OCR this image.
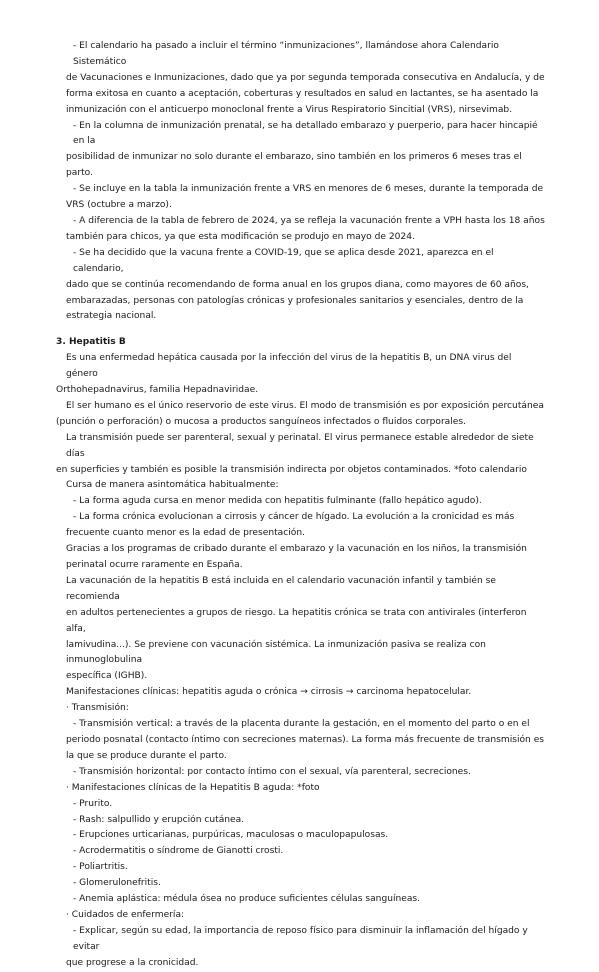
- El calendario ha pasado a incluir el término “inmunizaciones”, llamándose ahora Calendario Sistemático

de Vacunaciones e Inmunizaciones, dado que ya por segunda temporada consecutiva en Andalucía, y de

forma exitosa en cuanto a aceptación, coberturas y resultados en salud en lactantes, se ha asentado la

inmunización con el anticuerpo monoclonal frente a Virus Respiratorio Sincitial (VRS), nirsevimab.

- En la columna de inmunización prenatal, se ha detallado embarazo y puerperio, para hacer hincapié en la

posibilidad de inmunizar no solo durante el embarazo, sino también en los primeros 6 meses tras el parto.

- Se incluye en la tabla la inmunización frente a VRS en menores de 6 meses, durante la temporada de

VRS (octubre a marzo).

- A diferencia de la tabla de febrero de 2024, ya se refleja la vacunación frente a VPH hasta los 18 años

también para chicos, ya que esta modificación se produjo en mayo de 2024.

- Se ha decidido que la vacuna frente a COVID-19, que se aplica desde 2021, aparezca en el calendario,

dado que se continúa recomendando de forma anual en los grupos diana, como mayores de 60 años,

embarazadas, personas con patologías crónicas y profesionales sanitarios y esenciales, dentro de la

estrategia nacional.

3. Hepatitis B

Es una enfermedad hepática causada por la infección del virus de la hepatitis B, un DNA virus del género

Orthohepadnavirus, familia Hepadnaviridae.

El ser humano es el único reservorio de este virus. El modo de transmisión es por exposición percutánea

(punción o perforación) o mucosa a productos sanguíneos infectados o fluidos corporales.

La transmisión puede ser parenteral, sexual y perinatal. El virus permanece estable alrededor de siete días

en superficies y también es posible la transmisión indirecta por objetos contaminados. *foto calendario

Cursa de manera asintomática habitualmente:

- La forma aguda cursa en menor medida con hepatitis fulminante (fallo hepático agudo).

- La forma crónica evolucionan a cirrosis y cáncer de hígado. La evolución a la cronicidad es más

frecuente cuanto menor es la edad de presentación.

Gracias a los programas de cribado durante el embarazo y la vacunación en los niños, la transmisión

perinatal ocurre raramente en España.

La vacunación de la hepatitis B está incluida en el calendario vacunación infantil y también se recomienda

en adultos pertenecientes a grupos de riesgo. La hepatitis crónica se trata con antivirales (interferon alfa,

lamivudina...). Se previene con vacunación sistémica. La inmunización pasiva se realiza con inmunoglobulina

específica (IGHB).

Manifestaciones clínicas: hepatitis aguda o crónica → cirrosis → carcinoma hepatocelular.

· Transmisión:

- Transmisión vertical: a través de la placenta durante la gestación, en el momento del parto o en el

periodo posnatal (contacto íntimo con secreciones maternas). La forma más frecuente de transmisión es

la que se produce durante el parto.

- Transmisión horizontal: por contacto íntimo con el sexual, vía parenteral, secreciones.

· Manifestaciones clínicas de la Hepatitis B aguda: *foto

- Prurito.

- Rash: salpullido y erupción cutánea.

- Erupciones urticarianas, purpúricas, maculosas o maculopapulosas.

- Acrodermatitis o síndrome de Gianotti crosti.

- Poliartritis.

- Glomerulonefritis.

- Anemia aplástica: médula ósea no produce suficientes células sanguíneas.

· Cuidados de enfermería:

- Explicar, según su edad, la importancia de reposo físico para disminuir la inflamación del hígado y evitar

que progrese a la cronicidad.
